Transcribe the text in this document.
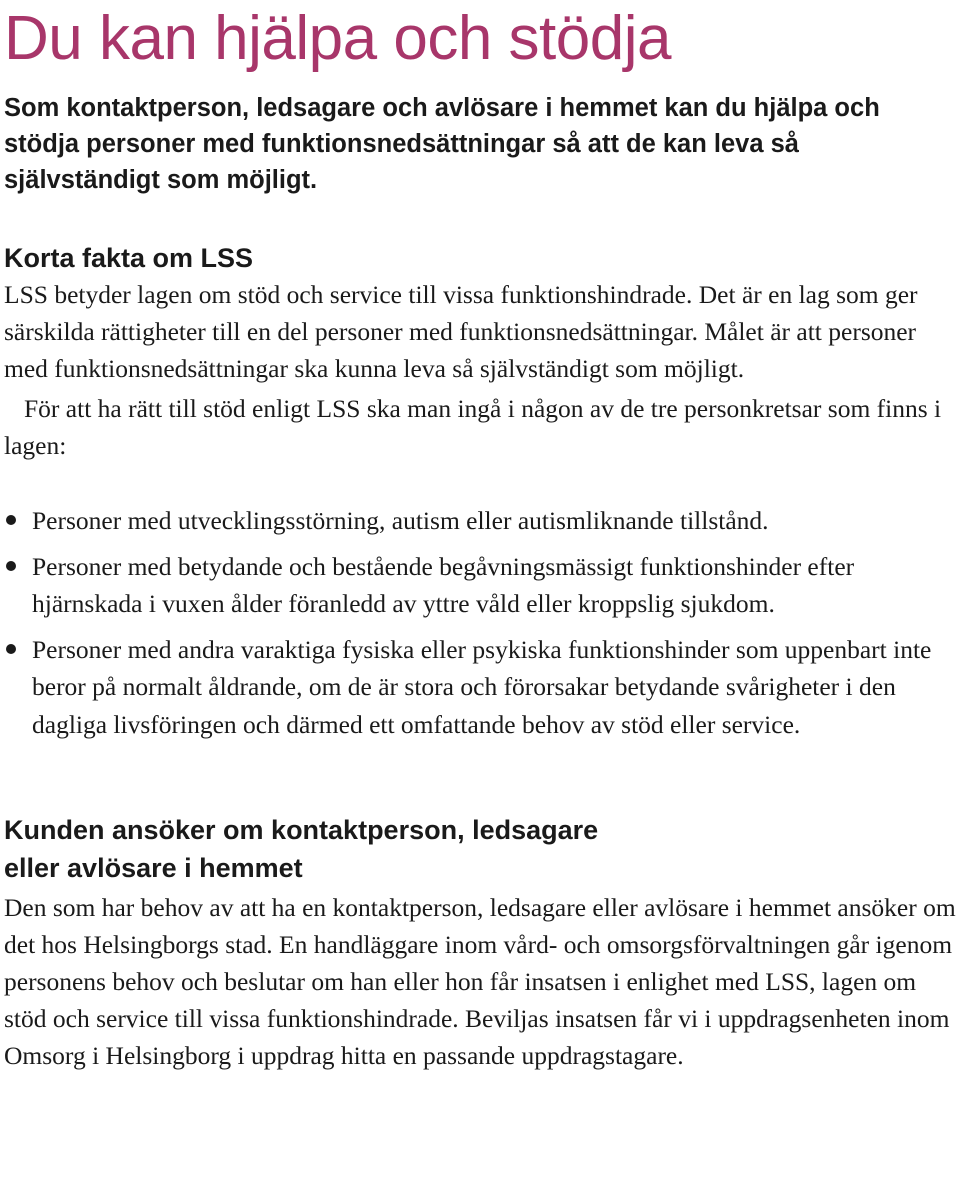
Du kan hjälpa och stödja

Som kontaktperson, ledsagare och avlösare i hemmet kan du hjälpa och stödja personer med funktionsnedsättningar så att de kan leva så självständigt som möjligt.

Korta fakta om LSS

LSS betyder lagen om stöd och service till vissa funktionshindrade. Det är en lag som ger särskilda rättigheter till en del personer med funktionsnedsättningar. Målet är att personer med funktionsnedsättningar ska kunna leva så självständigt som möjligt.

För att ha rätt till stöd enligt LSS ska man ingå i någon av de tre personkretsar som finns i lagen:

Personer med utvecklingsstörning, autism eller autismliknande tillstånd.
Personer med betydande och bestående begåvningsmässigt funktionshinder efter hjärnskada i vuxen ålder föranledd av yttre våld eller kroppslig sjukdom.
Personer med andra varaktiga fysiska eller psykiska funktionshinder som uppenbart inte beror på normalt åldrande, om de är stora och förorsakar betydande svårigheter i den dagliga livsföringen och därmed ett omfattande behov av stöd eller service.
Kunden ansöker om kontaktperson, ledsagare
eller avlösare i hemmet

Den som har behov av att ha en kontaktperson, ledsagare eller avlösare i hemmet ansöker om det hos Helsingborgs stad. En handläggare inom vård- och omsorgsförvaltningen går igenom personens behov och beslutar om han eller hon får insatsen i enlighet med LSS, lagen om stöd och service till vissa funktionshindrade. Beviljas insatsen får vi i uppdragsenheten inom Omsorg i Helsingborg i uppdrag hitta en passande uppdragstagare.
